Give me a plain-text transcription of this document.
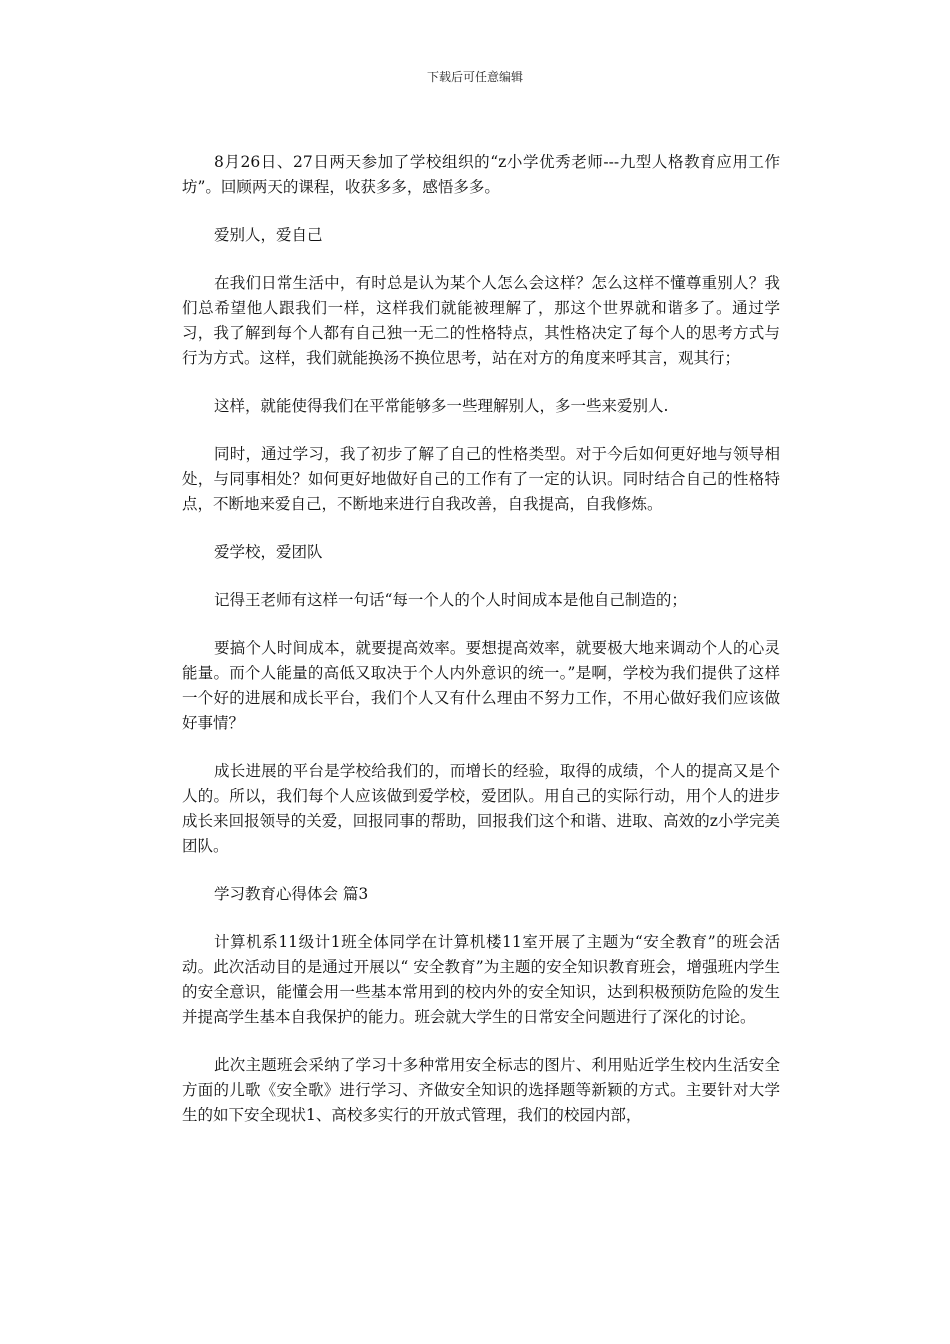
下载后可任意编辑

8月26日、27日两天参加了学校组织的“z小学优秀老师---九型人格教育应用工作坊”。回顾两天的课程，收获多多，感悟多多。

爱别人，爱自己

在我们日常生活中，有时总是认为某个人怎么会这样？怎么这样不懂尊重别人？我们总希望他人跟我们一样，这样我们就能被理解了，那这个世界就和谐多了。通过学习，我了解到每个人都有自己独一无二的性格特点，其性格决定了每个人的思考方式与行为方式。这样，我们就能换汤不换位思考，站在对方的角度来呼其言，观其行；

这样，就能使得我们在平常能够多一些理解别人，多一些来爱别人.

同时，通过学习，我了初步了解了自己的性格类型。对于今后如何更好地与领导相处，与同事相处？如何更好地做好自己的工作有了一定的认识。同时结合自己的性格特点，不断地来爱自己，不断地来进行自我改善，自我提高，自我修炼。

爱学校，爱团队

记得王老师有这样一句话“每一个人的个人时间成本是他自己制造的；

要搞个人时间成本，就要提高效率。要想提高效率，就要极大地来调动个人的心灵能量。而个人能量的高低又取决于个人内外意识的统一。”是啊，学校为我们提供了这样一个好的进展和成长平台，我们个人又有什么理由不努力工作，不用心做好我们应该做好事情？

成长进展的平台是学校给我们的，而增长的经验，取得的成绩，个人的提高又是个人的。所以，我们每个人应该做到爱学校，爱团队。用自己的实际行动，用个人的进步成长来回报领导的关爱，回报同事的帮助，回报我们这个和谐、进取、高效的z小学完美团队。

学习教育心得体会 篇3

计算机系11级计1班全体同学在计算机楼11室开展了主题为“安全教育”的班会活动。此次活动目的是通过开展以“ 安全教育”为主题的安全知识教育班会，增强班内学生的安全意识，能懂会用一些基本常用到的校内外的安全知识，达到积极预防危险的发生并提高学生基本自我保护的能力。班会就大学生的日常安全问题进行了深化的讨论。

此次主题班会采纳了学习十多种常用安全标志的图片、利用贴近学生校内生活安全方面的儿歌《安全歌》进行学习、齐做安全知识的选择题等新颖的方式。主要针对大学生的如下安全现状1、高校多实行的开放式管理，我们的校园内部，
